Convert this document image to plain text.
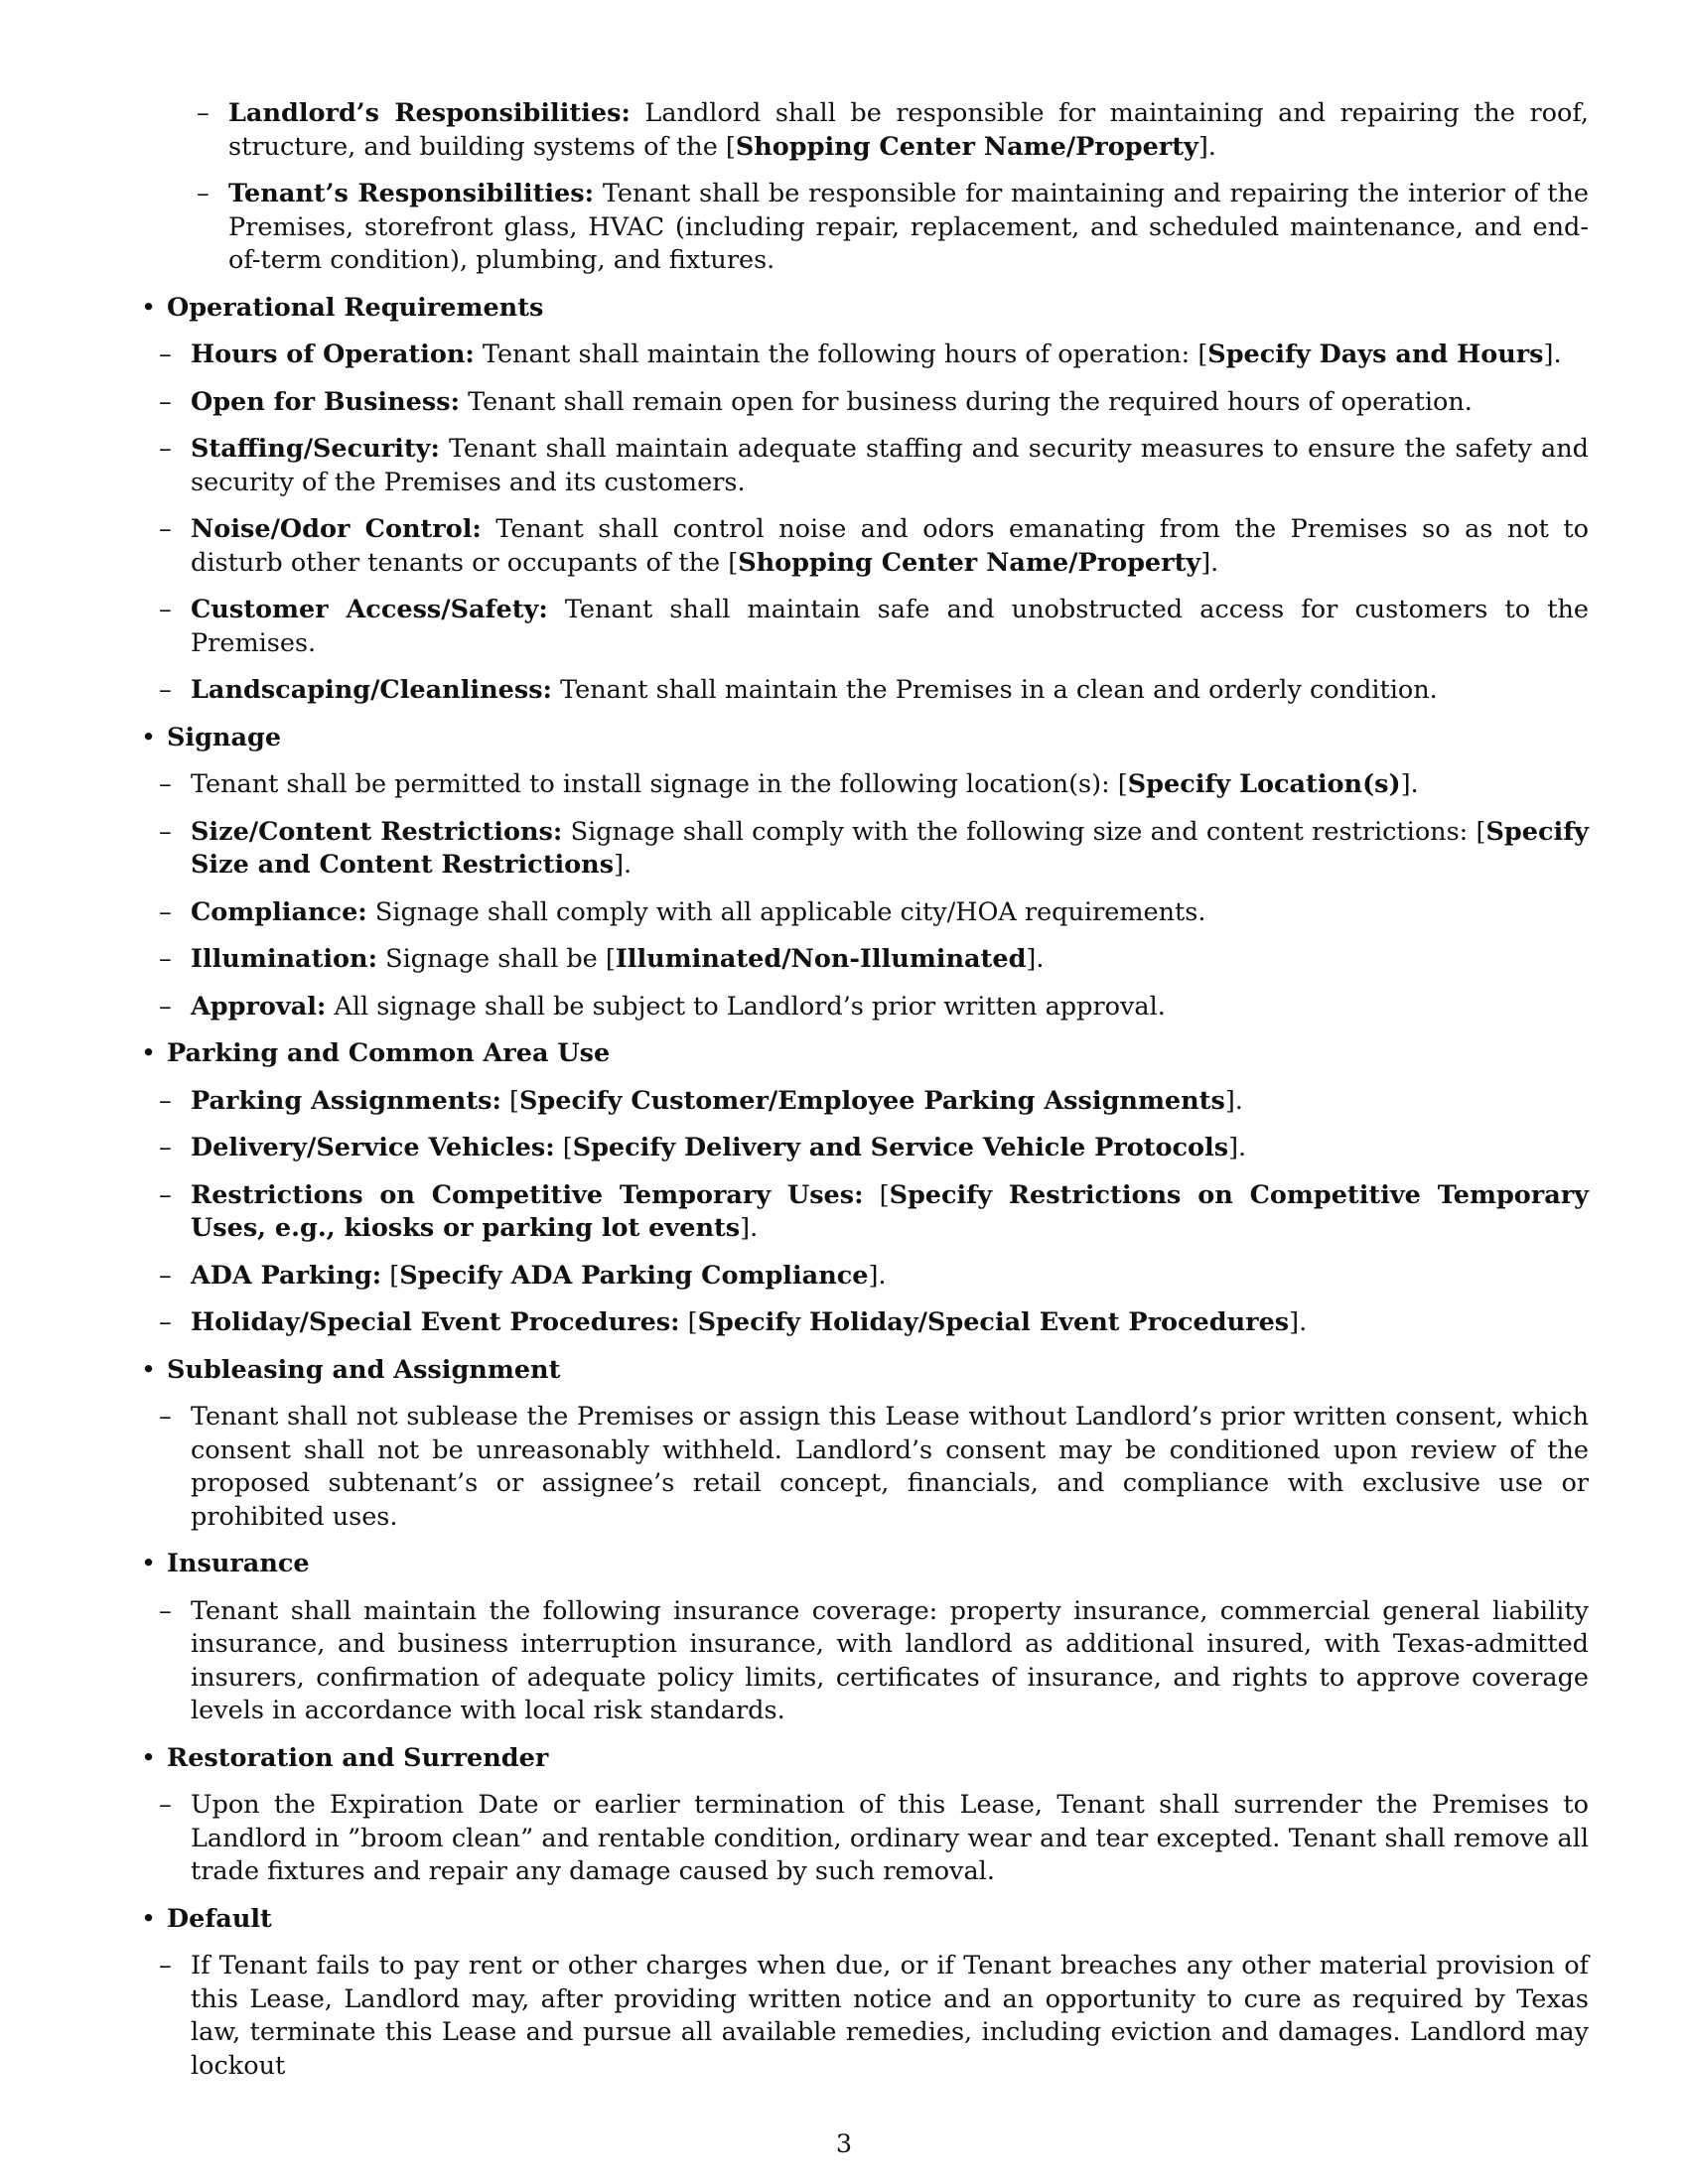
– Landlord’s Responsibilities: Landlord shall be responsible for maintaining and repairing the roof, structure, and building systems of the [Shopping Center Name/Property].
– Tenant’s Responsibilities: Tenant shall be responsible for maintaining and repairing the interior of the Premises, storefront glass, HVAC (including repair, replacement, and scheduled maintenance, and end-of-term condition), plumbing, and fixtures.
• Operational Requirements
– Hours of Operation: Tenant shall maintain the following hours of operation: [Specify Days and Hours].
– Open for Business: Tenant shall remain open for business during the required hours of operation.
– Staffing/Security: Tenant shall maintain adequate staffing and security measures to ensure the safety and security of the Premises and its customers.
– Noise/Odor Control: Tenant shall control noise and odors emanating from the Premises so as not to disturb other tenants or occupants of the [Shopping Center Name/Property].
– Customer Access/Safety: Tenant shall maintain safe and unobstructed access for customers to the Premises.
– Landscaping/Cleanliness: Tenant shall maintain the Premises in a clean and orderly condition.
• Signage
– Tenant shall be permitted to install signage in the following location(s): [Specify Location(s)].
– Size/Content Restrictions: Signage shall comply with the following size and content restrictions: [Specify Size and Content Restrictions].
– Compliance: Signage shall comply with all applicable city/HOA requirements.
– Illumination: Signage shall be [Illuminated/Non-Illuminated].
– Approval: All signage shall be subject to Landlord’s prior written approval.
• Parking and Common Area Use
– Parking Assignments: [Specify Customer/Employee Parking Assignments].
– Delivery/Service Vehicles: [Specify Delivery and Service Vehicle Protocols].
– Restrictions on Competitive Temporary Uses: [Specify Restrictions on Competitive Temporary Uses, e.g., kiosks or parking lot events].
– ADA Parking: [Specify ADA Parking Compliance].
– Holiday/Special Event Procedures: [Specify Holiday/Special Event Procedures].
• Subleasing and Assignment
– Tenant shall not sublease the Premises or assign this Lease without Landlord’s prior written consent, which consent shall not be unreasonably withheld. Landlord’s consent may be conditioned upon review of the proposed subtenant’s or assignee’s retail concept, financials, and compliance with exclusive use or prohibited uses.
• Insurance
– Tenant shall maintain the following insurance coverage: property insurance, commercial general liability insurance, and business interruption insurance, with landlord as additional insured, with Texas-admitted insurers, confirmation of adequate policy limits, certificates of insurance, and rights to approve coverage levels in accordance with local risk standards.
• Restoration and Surrender
– Upon the Expiration Date or earlier termination of this Lease, Tenant shall surrender the Premises to Landlord in ”broom clean” and rentable condition, ordinary wear and tear excepted. Tenant shall remove all trade fixtures and repair any damage caused by such removal.
• Default
– If Tenant fails to pay rent or other charges when due, or if Tenant breaches any other material provision of this Lease, Landlord may, after providing written notice and an opportunity to cure as required by Texas law, terminate this Lease and pursue all available remedies, including eviction and damages. Landlord may lockout
3
